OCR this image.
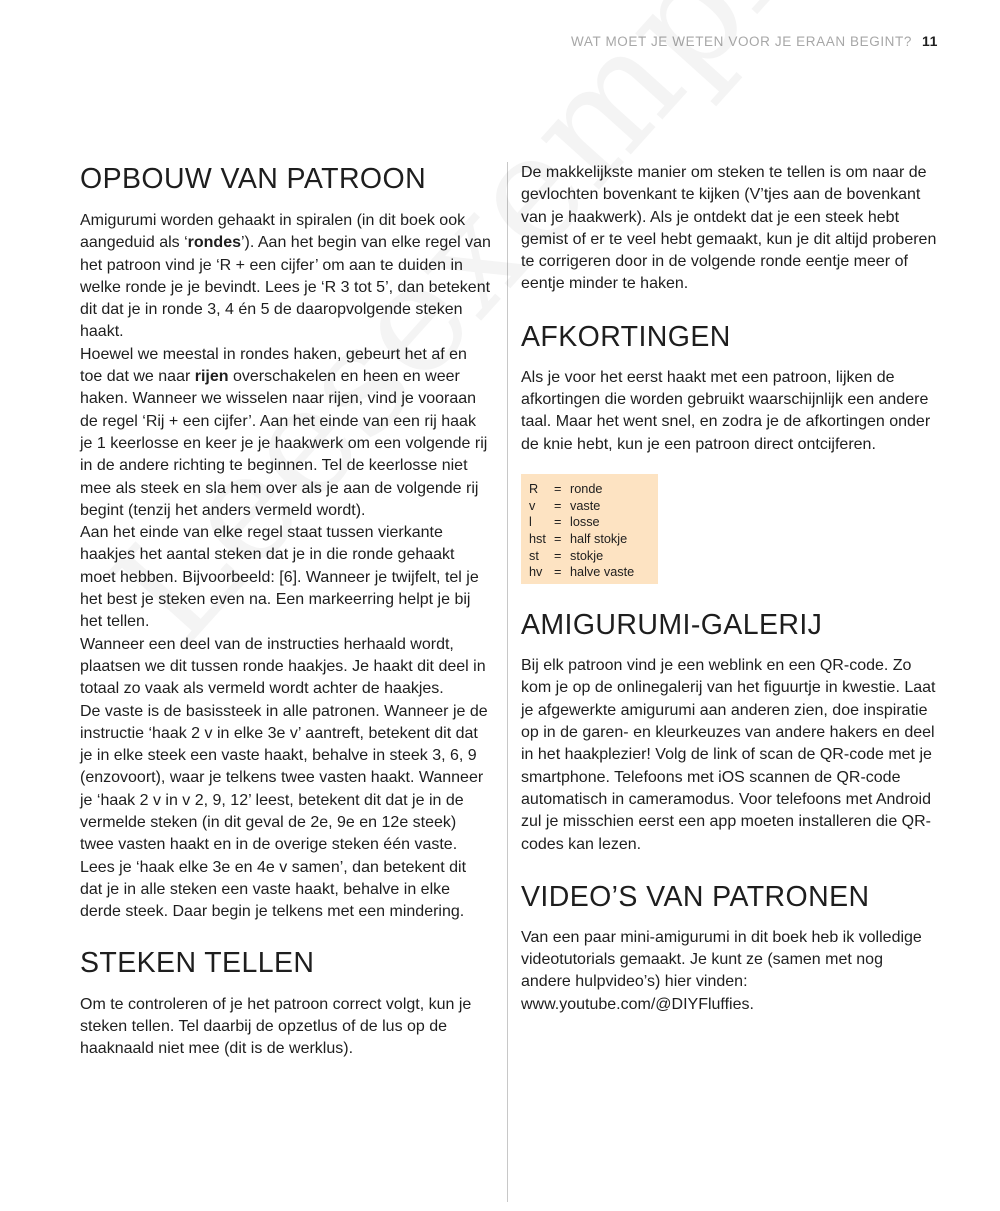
WAT MOET JE WETEN VOOR JE ERAAN BEGINT? 11
OPBOUW VAN PATROON

Amigurumi worden gehaakt in spiralen (in dit boek ook aangeduid als ‘rondes’). Aan het begin van elke regel van het patroon vind je ‘R + een cijfer’ om aan te duiden in welke ronde je je bevindt. Lees je ‘R 3 tot 5’, dan betekent dit dat je in ronde 3, 4 én 5 de daaropvolgende steken haakt.

Hoewel we meestal in rondes haken, gebeurt het af en toe dat we naar rijen overschakelen en heen en weer haken. Wanneer we wisselen naar rijen, vind je vooraan de regel ‘Rij + een cijfer’. Aan het einde van een rij haak je 1 keerlosse en keer je je haakwerk om een volgende rij in de andere richting te beginnen. Tel de keerlosse niet mee als steek en sla hem over als je aan de volgende rij begint (tenzij het anders vermeld wordt).

Aan het einde van elke regel staat tussen vierkante haakjes het aantal steken dat je in die ronde gehaakt moet hebben. Bijvoorbeeld: [6]. Wanneer je twijfelt, tel je het best je steken even na. Een markeerring helpt je bij het tellen.

Wanneer een deel van de instructies herhaald wordt, plaatsen we dit tussen ronde haakjes. Je haakt dit deel in totaal zo vaak als vermeld wordt achter de haakjes.

De vaste is de basissteek in alle patronen. Wanneer je de instructie ‘haak 2 v in elke 3e v’ aantreft, betekent dit dat je in elke steek een vaste haakt, behalve in steek 3, 6, 9 (enzovoort), waar je telkens twee vasten haakt. Wanneer je ‘haak 2 v in v 2, 9, 12’ leest, betekent dit dat je in de vermelde steken (in dit geval de 2e, 9e en 12e steek) twee vasten haakt en in de overige steken één vaste.

Lees je ‘haak elke 3e en 4e v samen’, dan betekent dit dat je in alle steken een vaste haakt, behalve in elke derde steek. Daar begin je telkens met een mindering.

STEKEN TELLEN

Om te controleren of je het patroon correct volgt, kun je steken tellen. Tel daarbij de opzetlus of de lus op de haaknaald niet mee (dit is de werklus).

De makkelijkste manier om steken te tellen is om naar de gevlochten bovenkant te kijken (V’tjes aan de bovenkant van je haakwerk). Als je ontdekt dat je een steek hebt gemist of er te veel hebt gemaakt, kun je dit altijd proberen te corrigeren door in de volgende ronde eentje meer of eentje minder te haken.

AFKORTINGEN

Als je voor het eerst haakt met een patroon, lijken de afkortingen die worden gebruikt waarschijnlijk een andere taal. Maar het went snel, en zodra je de afkortingen onder de knie hebt, kun je een patroon direct ontcijferen.

R	= ronde
v	= vaste
l	= losse
hst = half stokje
st	= stokje
hv = halve vaste
AMIGURUMI-GALERIJ

Bij elk patroon vind je een weblink en een QR-code. Zo kom je op de onlinegalerij van het figuurtje in kwestie. Laat je afgewerkte amigurumi aan anderen zien, doe inspiratie op in de garen- en kleurkeuzes van andere hakers en deel in het haakplezier! Volg de link of scan de QR-code met je smartphone. Telefoons met iOS scannen de QR-code automatisch in cameramodus. Voor telefoons met Android zul je misschien eerst een app moeten installeren die QR-codes kan lezen.

VIDEO’S VAN PATRONEN

Van een paar mini-amigurumi in dit boek heb ik volledige videotutorials gemaakt. Je kunt ze (samen met nog andere hulpvideo’s) hier vinden: www.youtube.com/@DIYFluffies.
